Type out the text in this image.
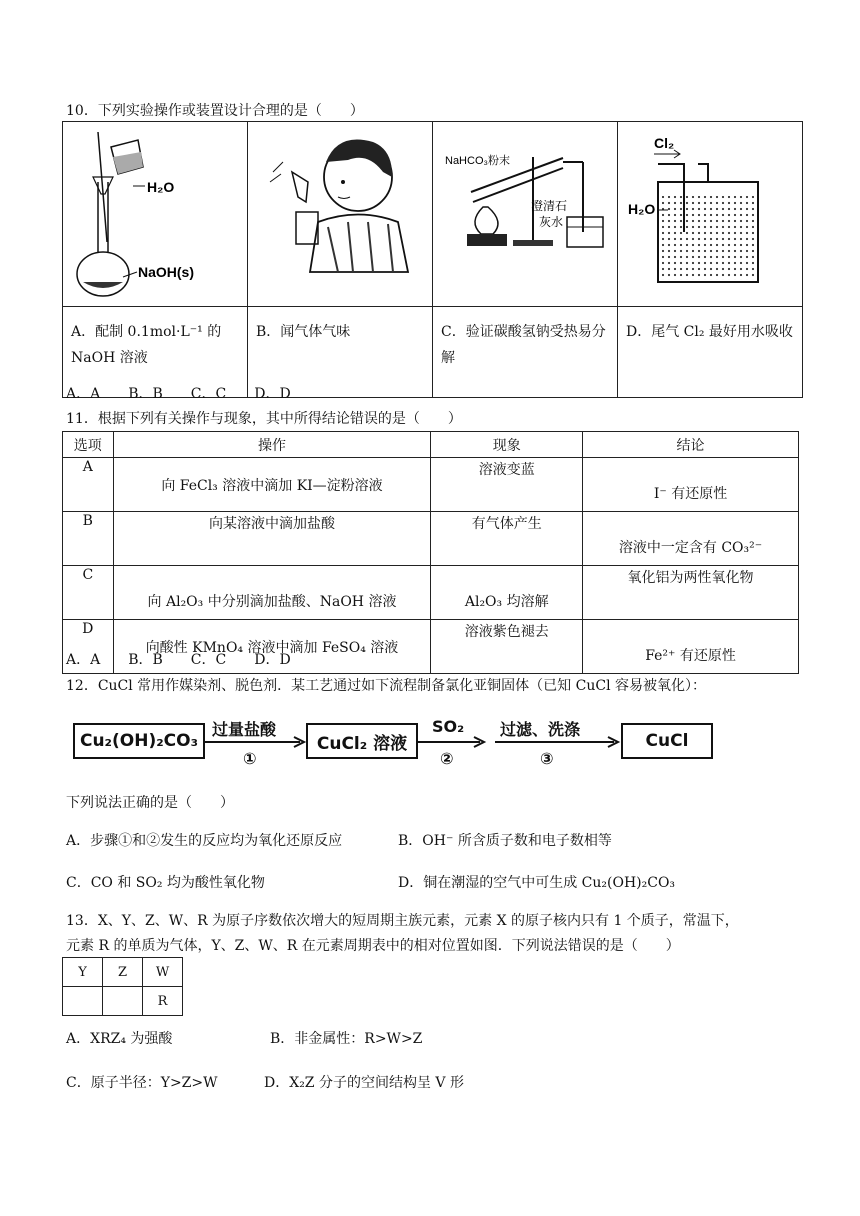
10．下列实验操作或装置设计合理的是（　　）
H₂O
NaOH(s)		NaHCO₃粉末
澄清石
灰水	Cl₂
H₂O

A．配制 0.1mol·L⁻¹ 的 NaOH 溶液	B．闻气体气味	C．验证碳酸氢钠受热易分解	D．尾气 Cl₂ 最好用水吸收
A．A　　B．B　　C．C　　D．D
11．根据下列有关操作与现象，其中所得结论错误的是（　　）
选项	操作	现象	结论
A	向 FeCl₃ 溶液中滴加 KI—淀粉溶液	溶液变蓝	I⁻ 有还原性
B	向某溶液中滴加盐酸	有气体产生	溶液中一定含有 CO₃²⁻
C	向 Al₂O₃ 中分别滴加盐酸、NaOH 溶液	Al₂O₃ 均溶解	氧化铝为两性氧化物
D	向酸性 KMnO₄ 溶液中滴加 FeSO₄ 溶液	溶液紫色褪去	Fe²⁺ 有还原性
A．A　　B．B　　C．C　　D．D
12．CuCl 常用作媒染剂、脱色剂．某工艺通过如下流程制备氯化亚铜固体（已知 CuCl 容易被氧化）：
Cu₂(OH)₂CO₃	CuCl₂ 溶液	CuCl
过量盐酸
①
SO₂
②
过滤、洗涤
③
下列说法正确的是（　　）
A．步骤①和②发生的反应均为氧化还原反应	B．OH⁻ 所含质子数和电子数相等
C．CO 和 SO₂ 均为酸性氧化物	D．铜在潮湿的空气中可生成 Cu₂(OH)₂CO₃
13．X、Y、Z、W、R 为原子序数依次增大的短周期主族元素，元素 X 的原子核内只有 1 个质子，常温下，
元素 R 的单质为气体，Y、Z、W、R 在元素周期表中的相对位置如图．下列说法错误的是（　　）
Y	Z	W
		R
A．XRZ₄ 为强酸	B．非金属性：R>W>Z
C．原子半径：Y>Z>W	D．X₂Z 分子的空间结构呈 V 形
